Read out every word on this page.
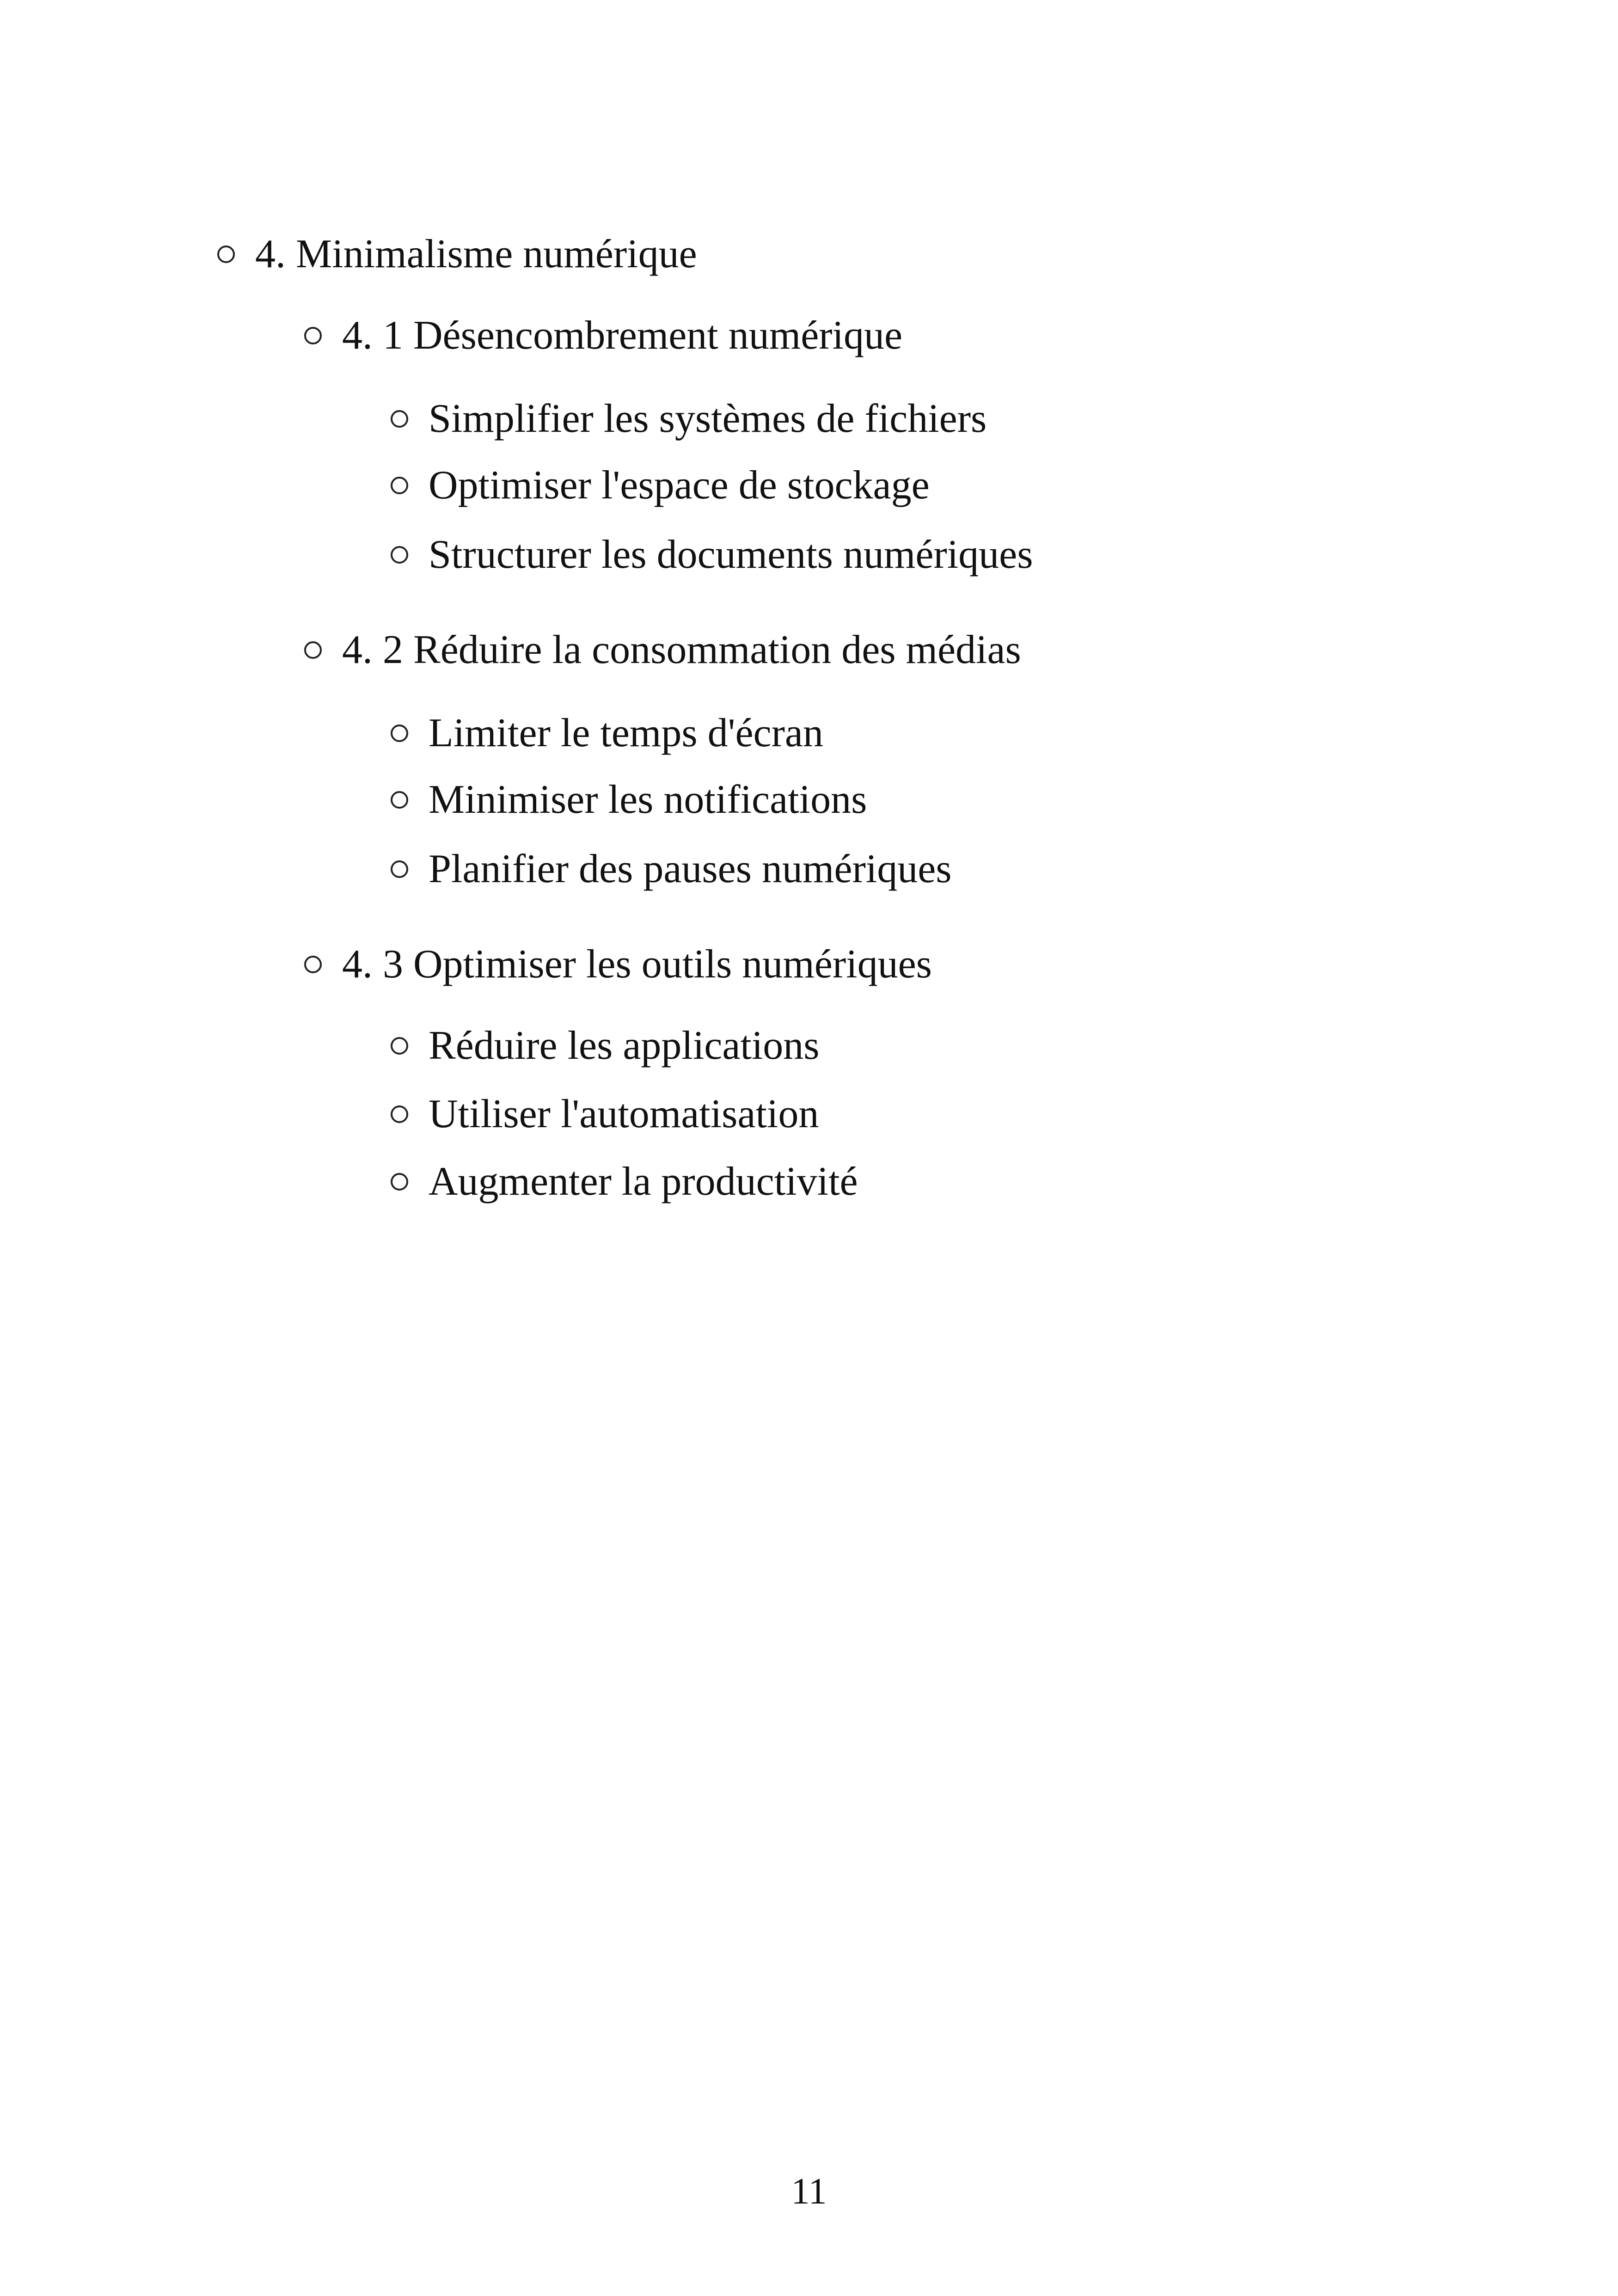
4. Minimalisme numérique
4. 1 Désencombrement numérique
Simplifier les systèmes de fichiers
Optimiser l'espace de stockage
Structurer les documents numériques
4. 2 Réduire la consommation des médias
Limiter le temps d'écran
Minimiser les notifications
Planifier des pauses numériques
4. 3 Optimiser les outils numériques
Réduire les applications
Utiliser l'automatisation
Augmenter la productivité
11
